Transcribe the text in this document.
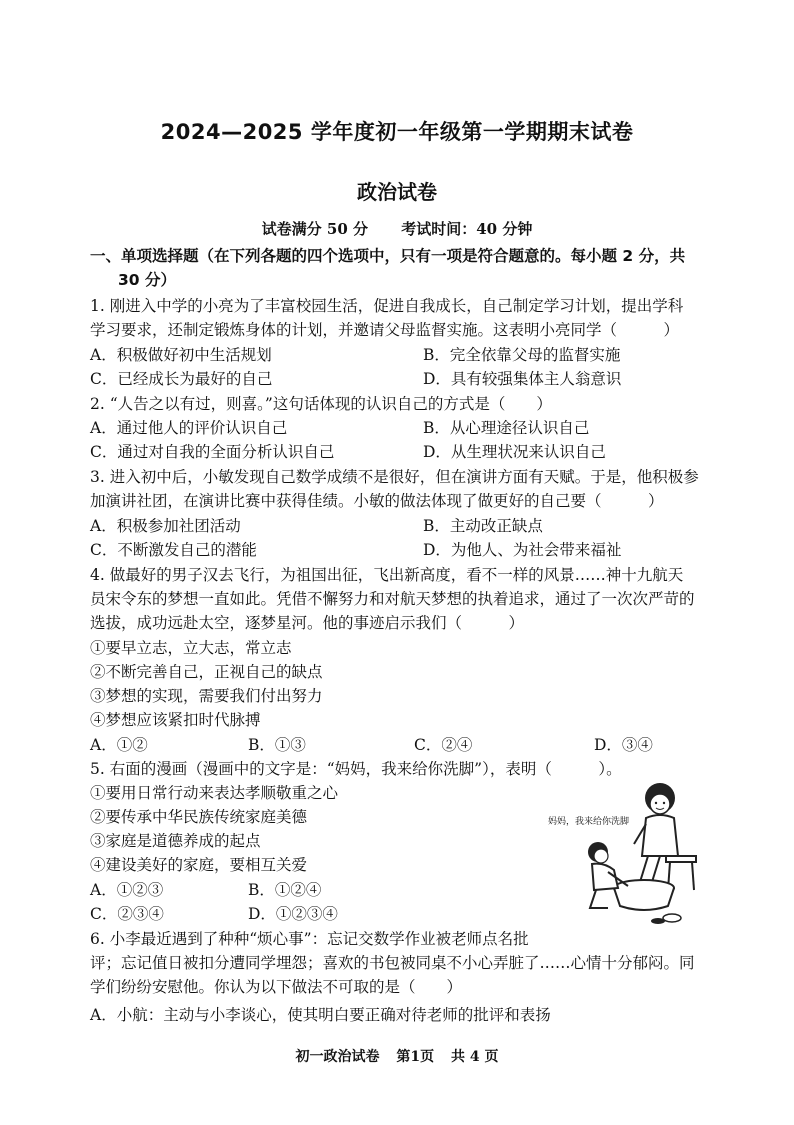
2024—2025 学年度初一年级第一学期期末试卷
政治试卷
试卷满分 50 分 考试时间：40 分钟
一、单项选择题（在下列各题的四个选项中，只有一项是符合题意的。每小题 2 分，共
30 分）
1. 刚进入中学的小亮为了丰富校园生活，促进自我成长，自己制定学习计划，提出学科
学习要求，还制定锻炼身体的计划，并邀请父母监督实施。这表明小亮同学（　　　）
A．积极做好初中生活规划	B．完全依靠父母的监督实施
C．已经成长为最好的自己	D．具有较强集体主人翁意识
2. “人告之以有过，则喜。”这句话体现的认识自己的方式是（　　）
A．通过他人的评价认识自己	B．从心理途径认识自己
C．通过对自我的全面分析认识自己	D．从生理状况来认识自己
3. 进入初中后，小敏发现自己数学成绩不是很好，但在演讲方面有天赋。于是，他积极参
加演讲社团，在演讲比赛中获得佳绩。小敏的做法体现了做更好的自己要（　　　）
A．积极参加社团活动	B．主动改正缺点
C．不断激发自己的潜能	D．为他人、为社会带来福祉
4. 做最好的男子汉去飞行，为祖国出征，飞出新高度，看不一样的风景……神十九航天
员宋令东的梦想一直如此。凭借不懈努力和对航天梦想的执着追求，通过了一次次严苛的
选拔，成功远赴太空，逐梦星河。他的事迹启示我们（　　　）
①要早立志，立大志，常立志
②不断完善自己，正视自己的缺点
③梦想的实现，需要我们付出努力
④梦想应该紧扣时代脉搏
A．①②	B．①③	C．②④	D．③④
5. 右面的漫画（漫画中的文字是：“妈妈，我来给你洗脚”），表明（　　　）。
①要用日常行动来表达孝顺敬重之心
②要传承中华民族传统家庭美德
③家庭是道德养成的起点
④建设美好的家庭，要相互关爱
A．①②③	B．①②④
C．②③④	D．①②③④
妈妈，我来给你洗脚
6. 小李最近遇到了种种“烦心事”：忘记交数学作业被老师点名批
评；忘记值日被扣分遭同学埋怨；喜欢的书包被同桌不小心弄脏了……心情十分郁闷。同
学们纷纷安慰他。你认为以下做法不可取的是（　　）
A．小航：主动与小李谈心，使其明白要正确对待老师的批评和表扬
初一政治试卷 第1页 共 4 页
